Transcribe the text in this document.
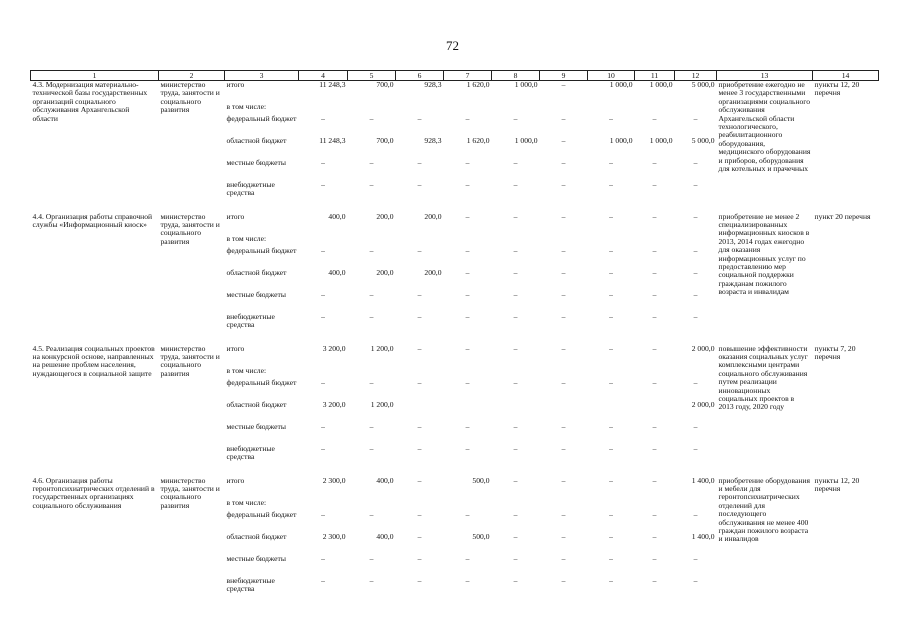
72
1	2	3	4	5	6	7	8	9	10	11	12	13	14
4.3. Модернизация материально-технической базы государственных организаций социального обслуживания Архангельской области	министерство труда, занятости и социального развития	итого	11 248,3	700,0	928,3	1 620,0	1 000,0	–	1 000,0	1 000,0	5 000,0	приобретение ежегодно не менее 3 государственными организациями социального обслуживания Архангельской области технологического, реабилитационного оборудования, медицинского оборудования и приборов, оборудования для котельных и прачечных	пункты 12, 20 перечня
		в том числе:											
		федеральный бюджет	–	–	–	–	–	–	–	–	–		
		областной бюджет	11 248,3	700,0	928,3	1 620,0	1 000,0	–	1 000,0	1 000,0	5 000,0		
		местные бюджеты	–	–	–	–	–	–	–	–	–		
		внебюджетные средства	–	–	–	–	–	–	–	–	–		

4.4. Организация работы справочной службы «Информационный киоск»	министерство труда, занятости и социального развития	итого	400,0	200,0	200,0	–	–	–	–	–	–	приобретение не менее 2 специализированных информационных киосков в 2013, 2014 годах ежегодно для оказания информационных услуг по предоставлению мер социальной поддержки гражданам пожилого возраста и инвалидам	пункт 20 перечня
		в том числе:											
		федеральный бюджет	–	–	–	–	–	–	–	–	–		
		областной бюджет	400,0	200,0	200,0	–	–	–	–	–	–		
		местные бюджеты	–	–	–	–	–	–	–	–	–		
		внебюджетные средства	–	–	–	–	–	–	–	–	–		

4.5. Реализация социальных проектов на конкурсной основе, направленных на решение проблем населения, нуждающегося в социальной защите	министерство труда, занятости и социального развития	итого	3 200,0	1 200,0	–	–	–	–	–	–	2 000,0	повышение эффективности оказания социальных услуг комплексными центрами социального обслуживания путем реализации инновационных социальных проектов в 2013 году, 2020 году	пункты 7, 20 перечня
		в том числе:											
		федеральный бюджет	–	–	–	–	–	–	–	–	–		
		областной бюджет	3 200,0	1 200,0							2 000,0		
		местные бюджеты	–	–	–	–	–	–	–	–	–		
		внебюджетные средства	–	–	–	–	–	–	–	–	–		

4.6. Организация работы геронтопсихиатрических отделений в государственных организациях социального обслуживания	министерство труда, занятости и социального развития	итого	2 300,0	400,0	–	500,0	–	–	–	–	1 400,0	приобретение оборудования и мебели для геронтопсихиатрических отделений для последующего обслуживания не менее 400 граждан пожилого возраста и инвалидов	пункты 12, 20 перечня
		в том числе:											
		федеральный бюджет	–	–	–	–	–	–	–	–	–		
		областной бюджет	2 300,0	400,0	–	500,0	–	–	–	–	1 400,0		
		местные бюджеты	–	–	–	–	–	–	–	–	–		
		внебюджетные средства	–	–	–	–	–	–	–	–	–		
